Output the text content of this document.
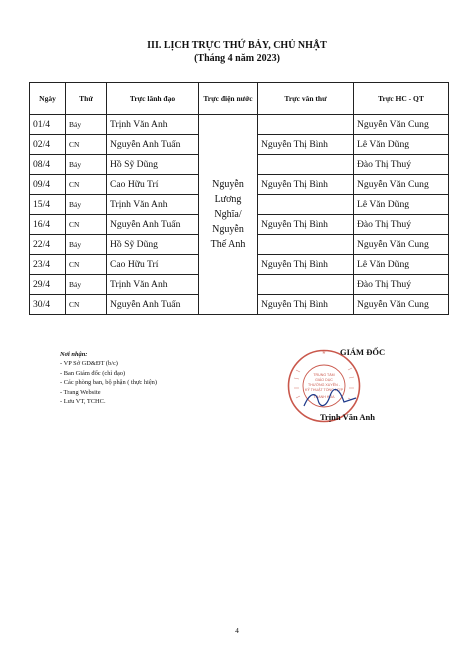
III. LỊCH TRỰC THỨ BẢY, CHỦ NHẬT
(Tháng 4 năm 2023)
Ngày	Thứ	Trực lãnh đạo	Trực điện nước	Trực văn thư	Trực HC - QT
01/4	Bảy	Trịnh Văn Anh	Nguyễn
Lương
Nghĩa/
Nguyễn
Thế Anh		Nguyễn Văn Cung
02/4	CN	Nguyễn Anh Tuấn		Nguyễn Thị Bình	Lê Văn Dũng
08/4	Bảy	Hồ Sỹ Dũng			Đào Thị Thuý
09/4	CN	Cao Hữu Trí		Nguyễn Thị Bình	Nguyễn Văn Cung
15/4	Bảy	Trịnh Văn Anh			Lê Văn Dũng
16/4	CN	Nguyễn Anh Tuấn		Nguyễn Thị Bình	Đào Thị Thuý
22/4	Bảy	Hồ Sỹ Dũng			Nguyễn Văn Cung
23/4	CN	Cao Hữu Trí		Nguyễn Thị Bình	Lê Văn Dũng
29/4	Bảy	Trịnh Văn Anh			Đào Thị Thuý
30/4	CN	Nguyễn Anh Tuấn		Nguyễn Thị Bình	Nguyễn Văn Cung
Nơi nhận:
- VP Sở GD&ĐT (b/c)
- Ban Giám đốc (chỉ đạo)
- Các phòng ban, bộ phận ( thực hiện)
- Trang Website
- Lưu VT, TCHC.
★
TRUNG TÂM
GIÁO DỤC
THƯỜNG XUYÊN -
KỸ THUẬT TỔNG HỢP
THANH HÓA
GIÁM ĐỐC
Trịnh Văn Anh
4
